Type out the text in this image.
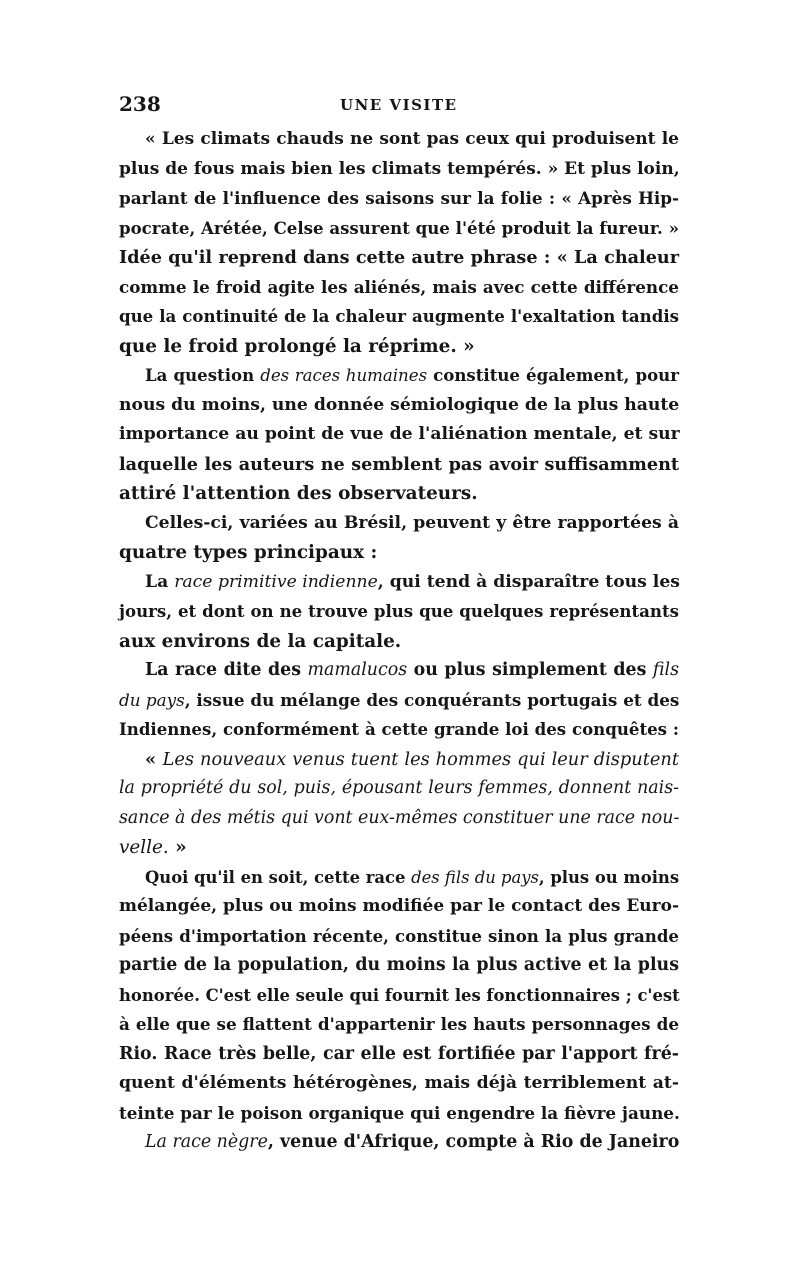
238	UNE VISITE
« Les climats chauds ne sont pas ceux qui produisent le
plus de fous mais bien les climats tempérés. » Et plus loin,
parlant de l'influence des saisons sur la folie : « Après Hip-
pocrate, Arétée, Celse assurent que l'été produit la fureur. »
Idée qu'il reprend dans cette autre phrase : « La chaleur
comme le froid agite les aliénés, mais avec cette différence
que la continuité de la chaleur augmente l'exaltation tandis
que le froid prolongé la réprime. »
La question des races humaines constitue également, pour
nous du moins, une donnée sémiologique de la plus haute
importance au point de vue de l'aliénation mentale, et sur
laquelle les auteurs ne semblent pas avoir suffisamment
attiré l'attention des observateurs.
Celles-ci, variées au Brésil, peuvent y être rapportées à
quatre types principaux :
La race primitive indienne, qui tend à disparaître tous les
jours, et dont on ne trouve plus que quelques représentants
aux environs de la capitale.
La race dite des mamalucos ou plus simplement des fils
du pays, issue du mélange des conquérants portugais et des
Indiennes, conformément à cette grande loi des conquêtes :
« Les nouveaux venus tuent les hommes qui leur disputent
la propriété du sol, puis, épousant leurs femmes, donnent nais-
sance à des métis qui vont eux-mêmes constituer une race nou-
velle. »
Quoi qu'il en soit, cette race des fils du pays, plus ou moins
mélangée, plus ou moins modifiée par le contact des Euro-
péens d'importation récente, constitue sinon la plus grande
partie de la population, du moins la plus active et la plus
honorée. C'est elle seule qui fournit les fonctionnaires ; c'est
à elle que se flattent d'appartenir les hauts personnages de
Rio. Race très belle, car elle est fortifiée par l'apport fré-
quent d'éléments hétérogènes, mais déjà terriblement at-
teinte par le poison organique qui engendre la fièvre jaune.
La race nègre, venue d'Afrique, compte à Rio de Janeiro
